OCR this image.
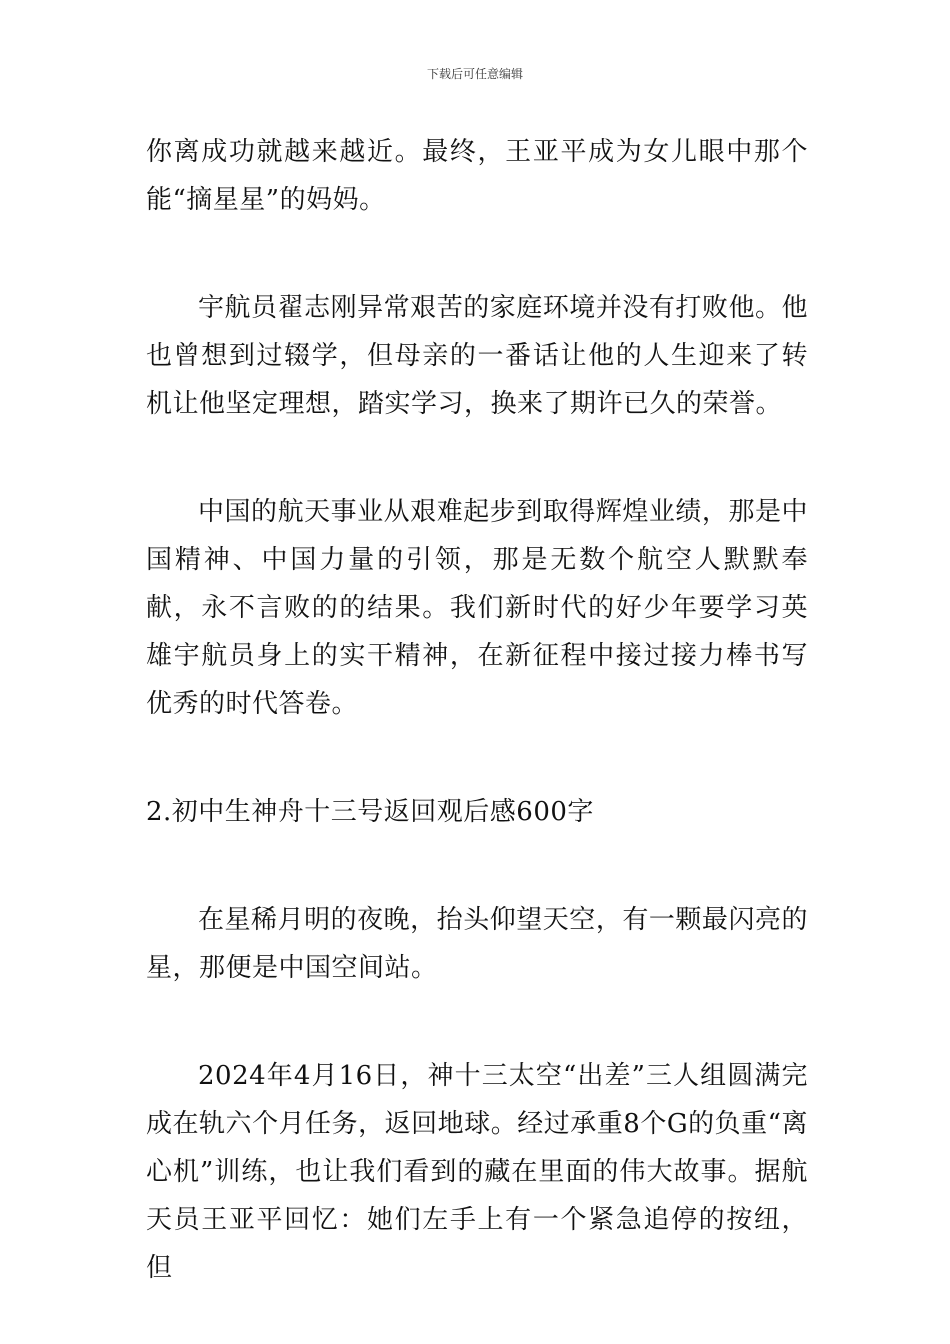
下载后可任意编辑

你离成功就越来越近。最终，王亚平成为女儿眼中那个能“摘星星”的妈妈。

宇航员翟志刚异常艰苦的家庭环境并没有打败他。他也曾想到过辍学，但母亲的一番话让他的人生迎来了转机让他坚定理想，踏实学习，换来了期许已久的荣誉。

中国的航天事业从艰难起步到取得辉煌业绩，那是中国精神、中国力量的引领，那是无数个航空人默默奉献，永不言败的的结果。我们新时代的好少年要学习英雄宇航员身上的实干精神，在新征程中接过接力棒书写优秀的时代答卷。

2.初中生神舟十三号返回观后感600字

在星稀月明的夜晚，抬头仰望天空，有一颗最闪亮的星，那便是中国空间站。

2024年4月16日，神十三太空“出差”三人组圆满完成在轨六个月任务，返回地球。经过承重8个G的负重“离心机”训练，也让我们看到的藏在里面的伟大故事。据航天员王亚平回忆：她们左手上有一个紧急追停的按纽，但
